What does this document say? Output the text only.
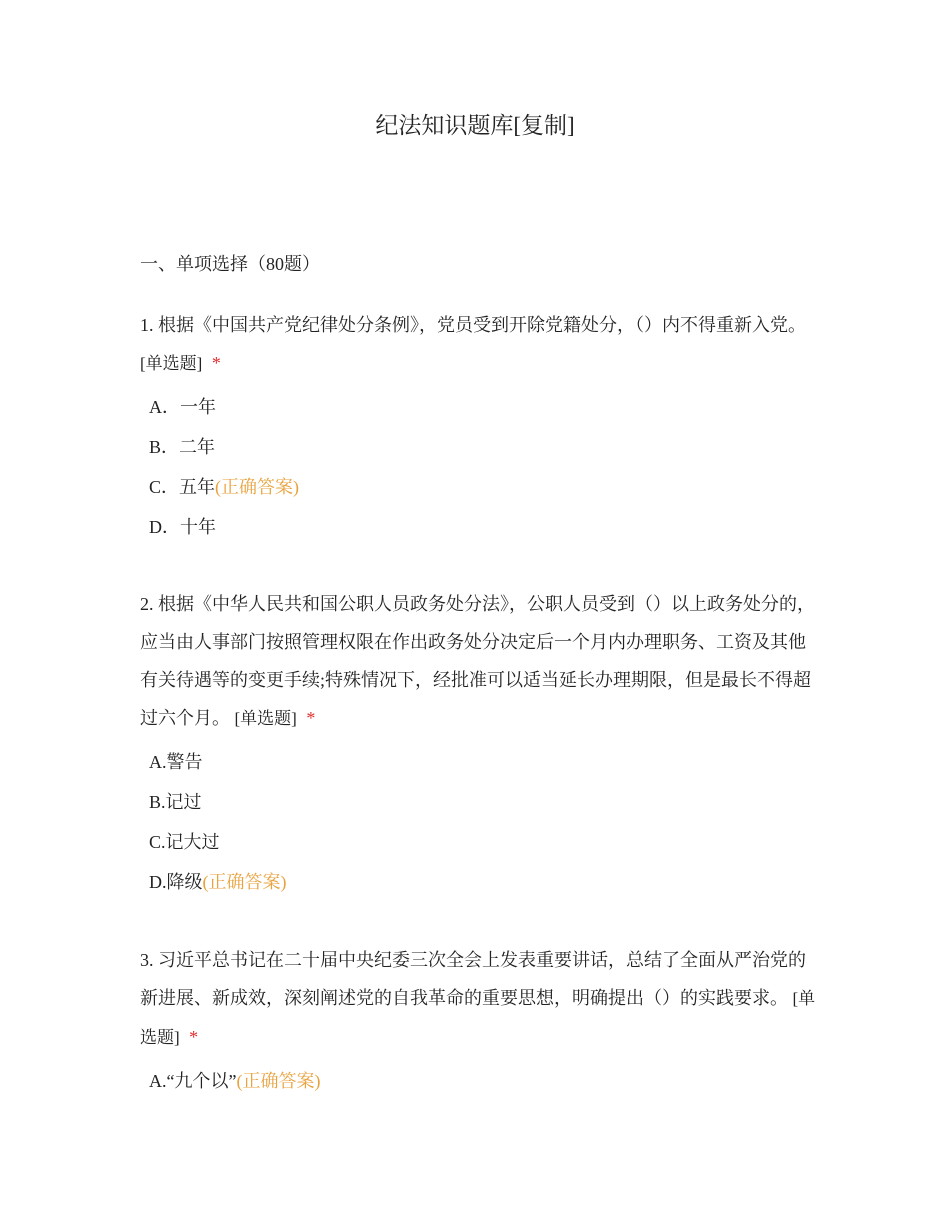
纪法知识题库[复制]
一、单项选择（80题）
1. 根据《中国共产党纪律处分条例》，党员受到开除党籍处分，（）内不得重新入党。 [单选题] *
A．一年
B．二年
C．五年(正确答案)
D．十年
2. 根据《中华人民共和国公职人员政务处分法》，公职人员受到（）以上政务处分的，应当由人事部门按照管理权限在作出政务处分决定后一个月内办理职务、工资及其他有关待遇等的变更手续;特殊情况下，经批准可以适当延长办理期限，但是最长不得超过六个月。 [单选题] *
A.警告
B.记过
C.记大过
D.降级(正确答案)
3. 习近平总书记在二十届中央纪委三次全会上发表重要讲话，总结了全面从严治党的新进展、新成效，深刻阐述党的自我革命的重要思想，明确提出（）的实践要求。 [单选题] *
A.“九个以”(正确答案)
